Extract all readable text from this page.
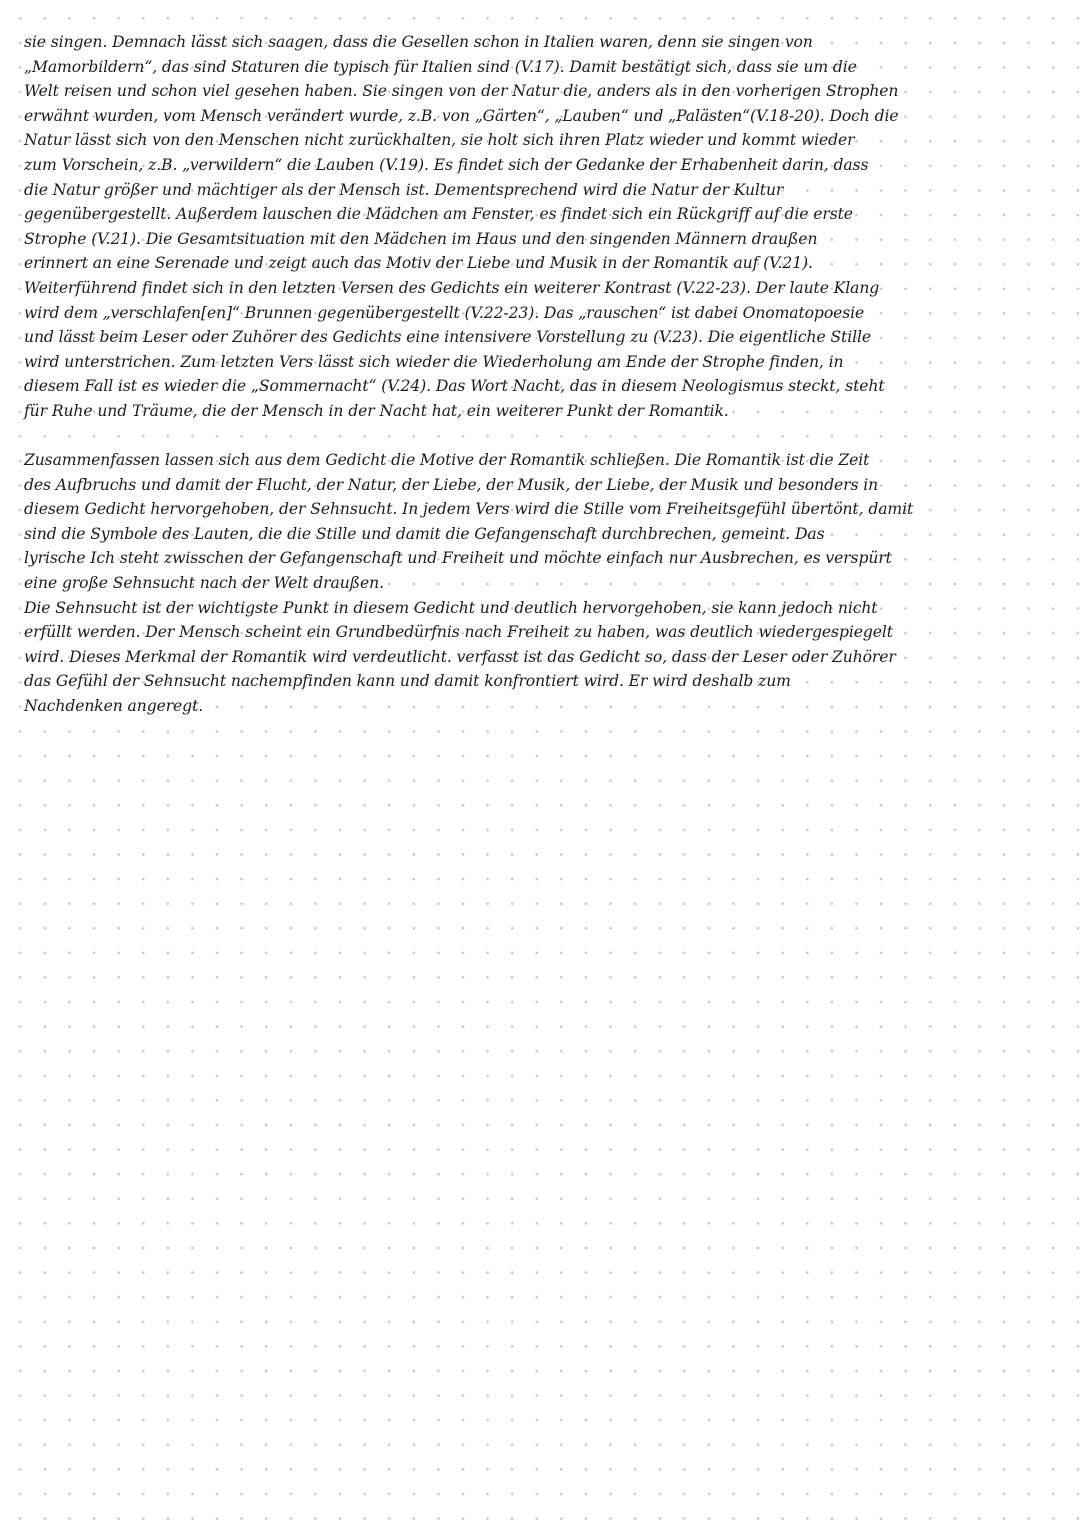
sie singen. Demnach lässt sich saagen, dass die Gesellen schon in Italien waren, denn sie singen von
„Mamorbildern“, das sind Staturen die typisch für Italien sind (V.17). Damit bestätigt sich, dass sie um die
Welt reisen und schon viel gesehen haben. Sie singen von der Natur die, anders als in den vorherigen Strophen
erwähnt wurden, vom Mensch verändert wurde, z.B. von „Gärten“, „Lauben“ und „Palästen“(V.18-20). Doch die
Natur lässt sich von den Menschen nicht zurückhalten, sie holt sich ihren Platz wieder und kommt wieder
zum Vorschein, z.B. „verwildern“ die Lauben (V.19). Es findet sich der Gedanke der Erhabenheit darin, dass
die Natur größer und mächtiger als der Mensch ist. Dementsprechend wird die Natur der Kultur
gegenübergestellt. Außerdem lauschen die Mädchen am Fenster, es findet sich ein Rückgriff auf die erste
Strophe (V.21). Die Gesamtsituation mit den Mädchen im Haus und den singenden Männern draußen
erinnert an eine Serenade und zeigt auch das Motiv der Liebe und Musik in der Romantik auf (V.21).
Weiterführend findet sich in den letzten Versen des Gedichts ein weiterer Kontrast (V.22-23). Der laute Klang
wird dem „verschlafen[en]“ Brunnen gegenübergestellt (V.22-23). Das „rauschen“ ist dabei Onomatopoesie
und lässt beim Leser oder Zuhörer des Gedichts eine intensivere Vorstellung zu (V.23). Die eigentliche Stille
wird unterstrichen. Zum letzten Vers lässt sich wieder die Wiederholung am Ende der Strophe finden, in
diesem Fall ist es wieder die „Sommernacht“ (V.24). Das Wort Nacht, das in diesem Neologismus steckt, steht
für Ruhe und Träume, die der Mensch in der Nacht hat, ein weiterer Punkt der Romantik.
Zusammenfassen lassen sich aus dem Gedicht die Motive der Romantik schließen. Die Romantik ist die Zeit
des Aufbruchs und damit der Flucht, der Natur, der Liebe, der Musik, der Liebe, der Musik und besonders in
diesem Gedicht hervorgehoben, der Sehnsucht. In jedem Vers wird die Stille vom Freiheitsgefühl übertönt, damit
sind die Symbole des Lauten, die die Stille und damit die Gefangenschaft durchbrechen, gemeint. Das
lyrische Ich steht zwisschen der Gefangenschaft und Freiheit und möchte einfach nur Ausbrechen, es verspürt
eine große Sehnsucht nach der Welt draußen.
Die Sehnsucht ist der wichtigste Punkt in diesem Gedicht und deutlich hervorgehoben, sie kann jedoch nicht
erfüllt werden. Der Mensch scheint ein Grundbedürfnis nach Freiheit zu haben, was deutlich wiedergespiegelt
wird. Dieses Merkmal der Romantik wird verdeutlicht. verfasst ist das Gedicht so, dass der Leser oder Zuhörer
das Gefühl der Sehnsucht nachempfinden kann und damit konfrontiert wird. Er wird deshalb zum
Nachdenken angeregt.
